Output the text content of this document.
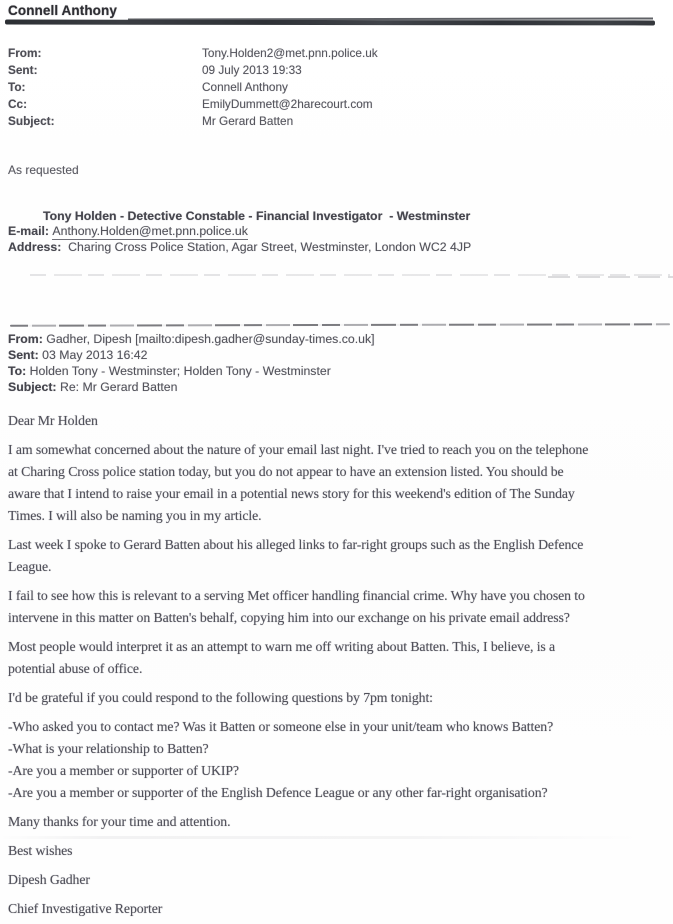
Connell Anthony
From:	Tony.Holden2@met.pnn.police.uk
Sent:	09 July 2013 19:33
To:	Connell Anthony
Cc:	EmilyDummett@2harecourt.com
Subject:	Mr Gerard Batten
As requested
Tony Holden - Detective Constable - Financial Investigator  - Westminster
E-mail: Anthony.Holden@met.pnn.police.uk
Address:  Charing Cross Police Station, Agar Street, Westminster, London WC2 4JP
From: Gadher, Dipesh [mailto:dipesh.gadher@sunday-times.co.uk]
Sent: 03 May 2013 16:42
To: Holden Tony - Westminster; Holden Tony - Westminster
Subject: Re: Mr Gerard Batten
Dear Mr Holden
I am somewhat concerned about the nature of your email last night. I've tried to reach you on the telephone
at Charing Cross police station today, but you do not appear to have an extension listed. You should be
aware that I intend to raise your email in a potential news story for this weekend's edition of The Sunday
Times. I will also be naming you in my article.
Last week I spoke to Gerard Batten about his alleged links to far-right groups such as the English Defence
League.
I fail to see how this is relevant to a serving Met officer handling financial crime. Why have you chosen to
intervene in this matter on Batten's behalf, copying him into our exchange on his private email address?
Most people would interpret it as an attempt to warn me off writing about Batten. This, I believe, is a
potential abuse of office.
I'd be grateful if you could respond to the following questions by 7pm tonight:
-Who asked you to contact me? Was it Batten or someone else in your unit/team who knows Batten?
-What is your relationship to Batten?
-Are you a member or supporter of UKIP?
-Are you a member or supporter of the English Defence League or any other far-right organisation?
Many thanks for your time and attention.
Best wishes
Dipesh Gadher
Chief Investigative Reporter
